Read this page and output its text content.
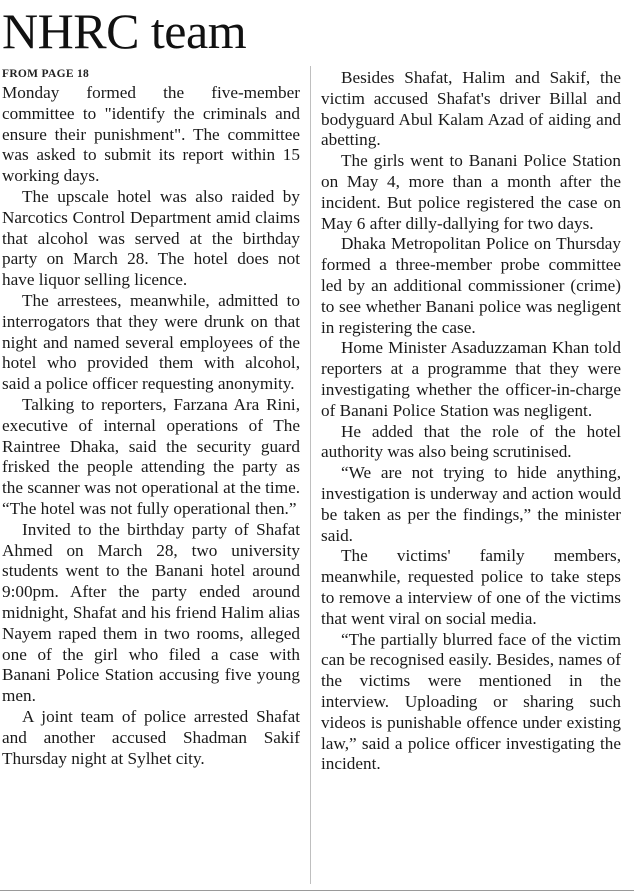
NHRC team
FROM PAGE 18

Monday formed the five-member committee to "identify the criminals and ensure their punishment". The committee was asked to submit its report within 15 working days.

The upscale hotel was also raided by Narcotics Control Department amid claims that alcohol was served at the birthday party on March 28. The hotel does not have liquor selling licence.

The arrestees, meanwhile, admitted to interrogators that they were drunk on that night and named several employees of the hotel who provided them with alcohol, said a police officer requesting anonymity.

Talking to reporters, Farzana Ara Rini, executive of internal operations of The Raintree Dhaka, said the security guard frisked the people attending the party as the scanner was not operational at the time. “The hotel was not fully operational then.”

Invited to the birthday party of Shafat Ahmed on March 28, two university students went to the Banani hotel around 9:00pm. After the party ended around midnight, Shafat and his friend Halim alias Nayem raped them in two rooms, alleged one of the girl who filed a case with Banani Police Station accusing five young men.

A joint team of police arrested Shafat and another accused Shadman Sakif Thursday night at Sylhet city.

Besides Shafat, Halim and Sakif, the victim accused Shafat's driver Billal and bodyguard Abul Kalam Azad of aiding and abetting.

The girls went to Banani Police Station on May 4, more than a month after the incident. But police registered the case on May 6 after dilly-dallying for two days.

Dhaka Metropolitan Police on Thursday formed a three-member probe committee led by an additional commissioner (crime) to see whether Banani police was negligent in registering the case.

Home Minister Asaduzzaman Khan told reporters at a programme that they were investigating whether the officer-in-charge of Banani Police Station was negligent.

He added that the role of the hotel authority was also being scrutinised.

“We are not trying to hide anything, investigation is underway and action would be taken as per the findings,” the minister said.

The victims' family members, meanwhile, requested police to take steps to remove a interview of one of the victims that went viral on social media.

“The partially blurred face of the victim can be recognised easily. Besides, names of the victims were mentioned in the interview. Uploading or sharing such videos is punishable offence under existing law,” said a police officer investigating the incident.
